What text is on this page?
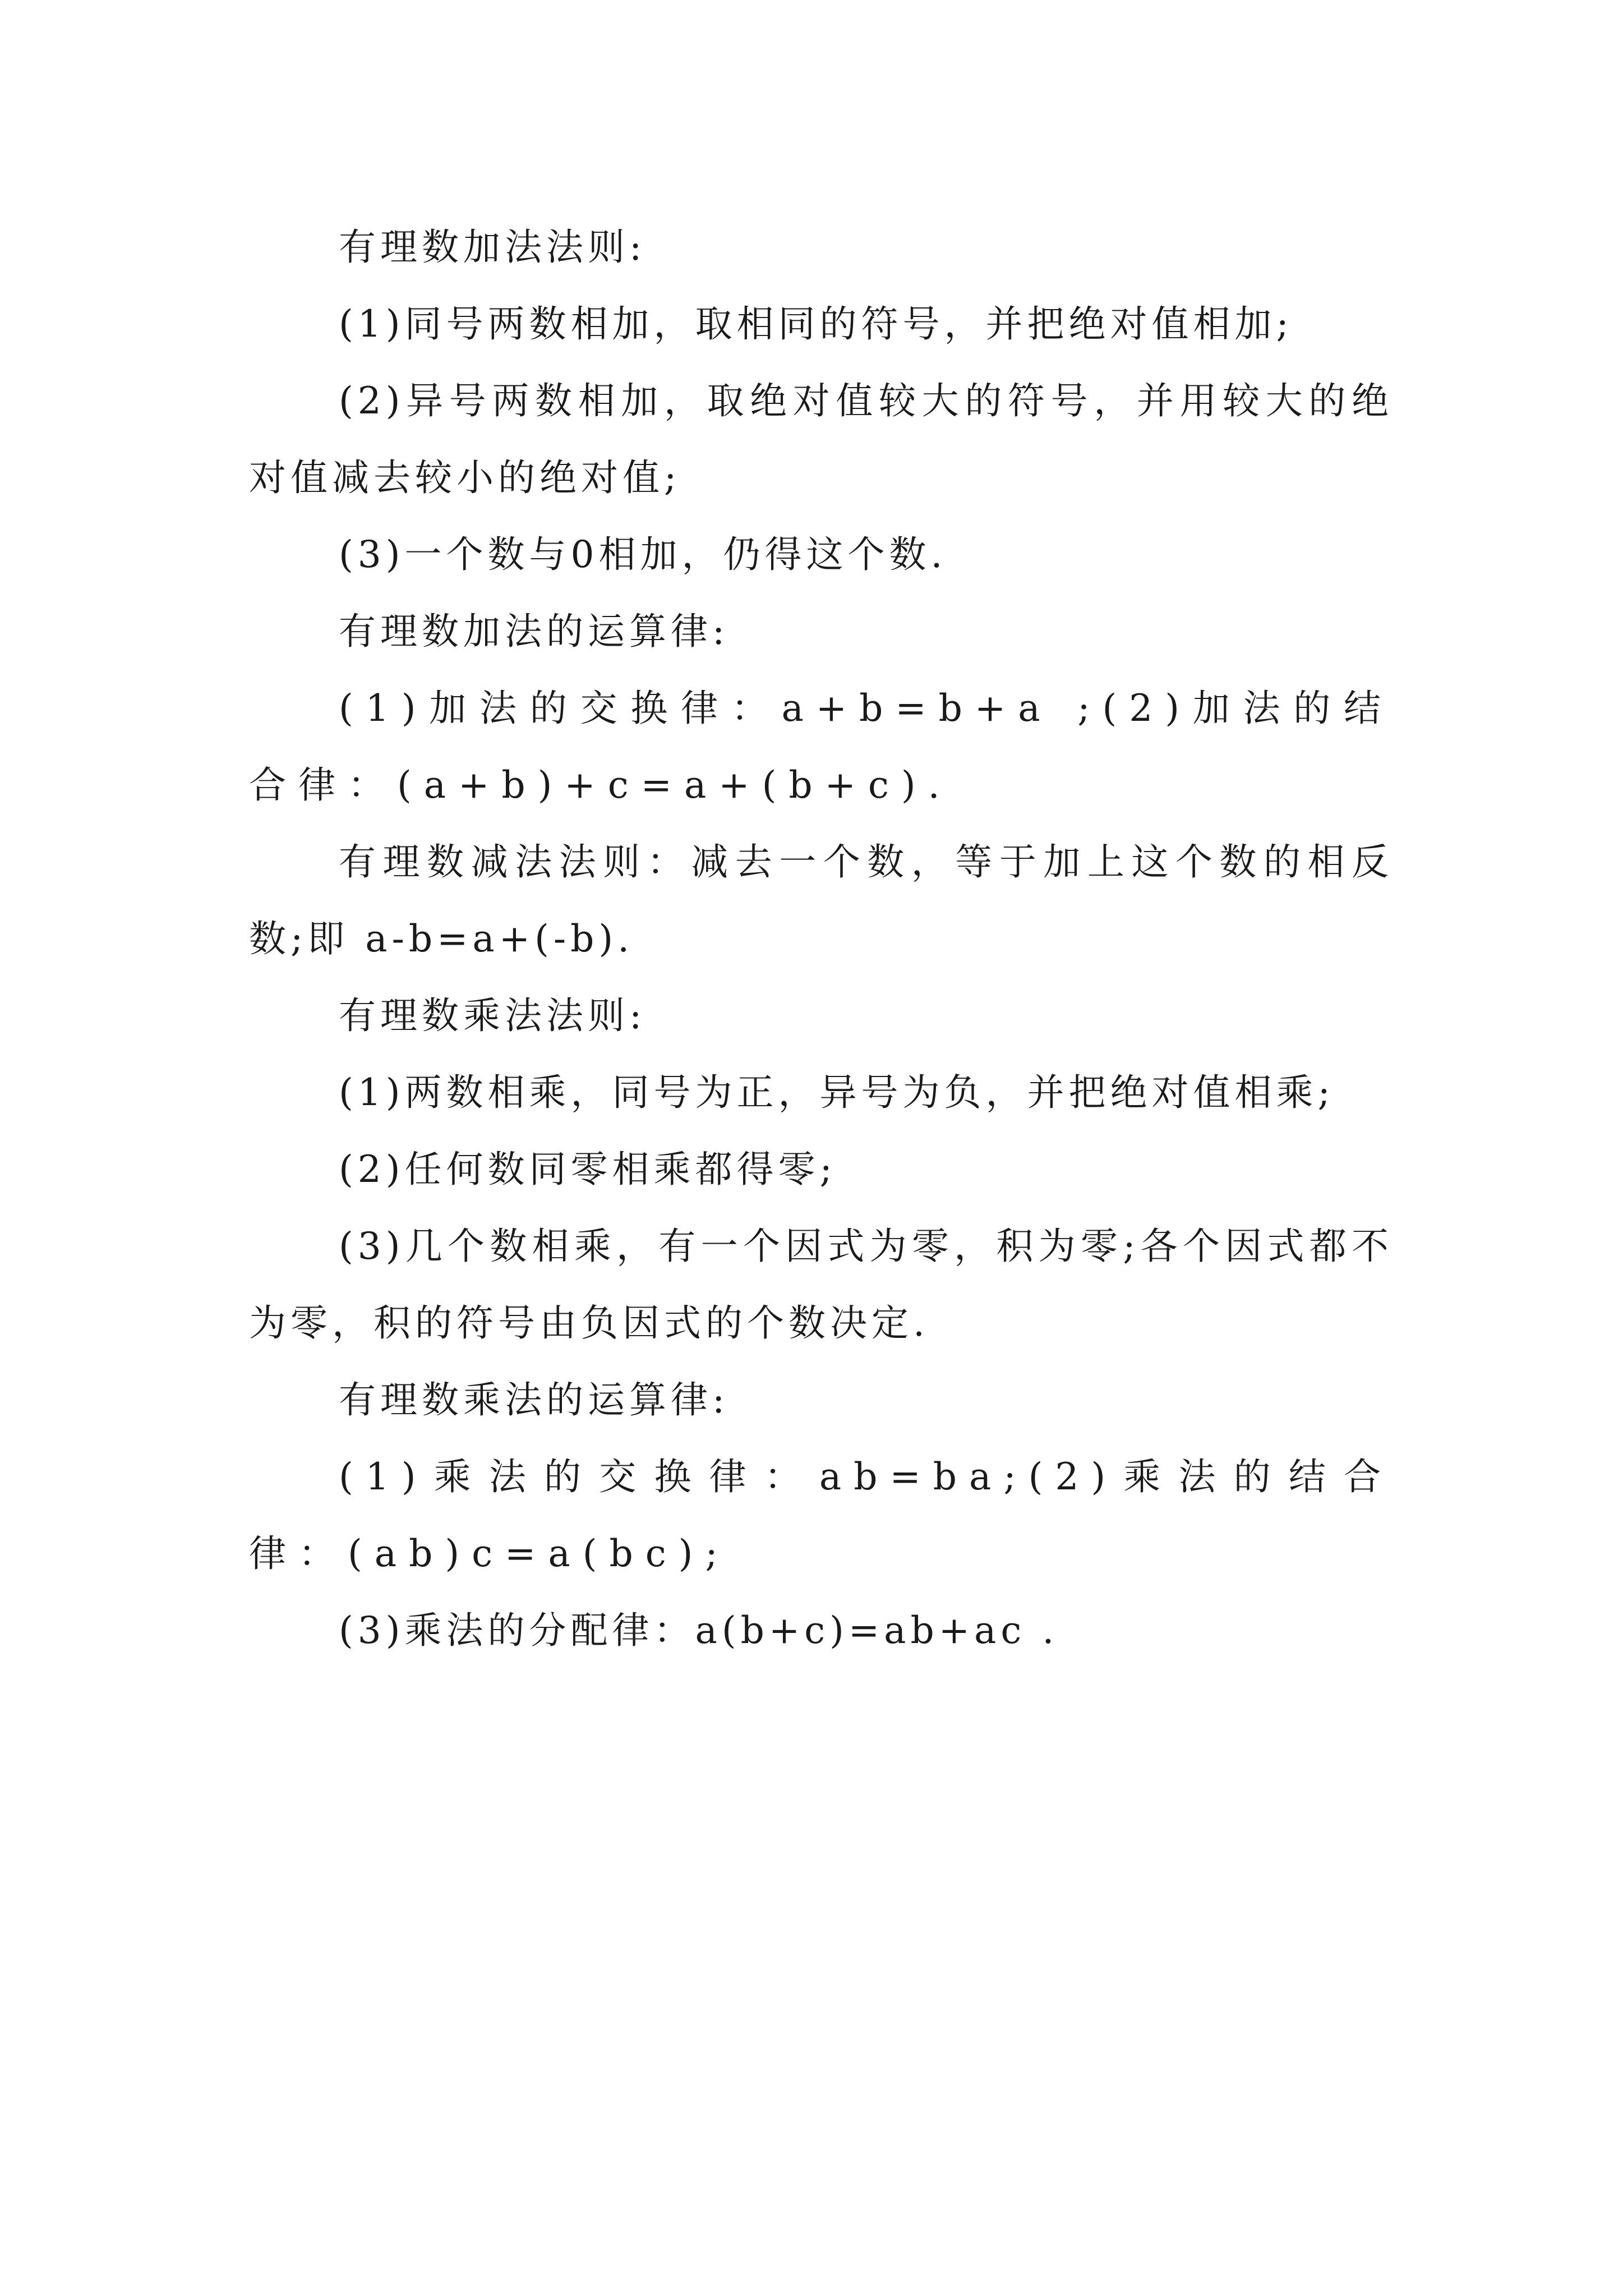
有理数加法法则:

(1)同号两数相加，取相同的符号，并把绝对值相加;

(2)异号两数相加，取绝对值较大的符号，并用较大的绝对值减去较小的绝对值;

(3)一个数与0相加，仍得这个数.

有理数加法的运算律:

(1)加法的交换律：a+b=b+a ;(2)加法的结合律：(a+b)+c=a+(b+c).

有理数减法法则：减去一个数，等于加上这个数的相反数;即 a-b=a+(-b).

有理数乘法法则:

(1)两数相乘，同号为正，异号为负，并把绝对值相乘;

(2)任何数同零相乘都得零;

(3)几个数相乘，有一个因式为零，积为零;各个因式都不为零，积的符号由负因式的个数决定.

有理数乘法的运算律:

(1)乘法的交换律：ab=ba;(2)乘法的结合律：(ab)c=a(bc);

(3)乘法的分配律：a(b+c)=ab+ac .
